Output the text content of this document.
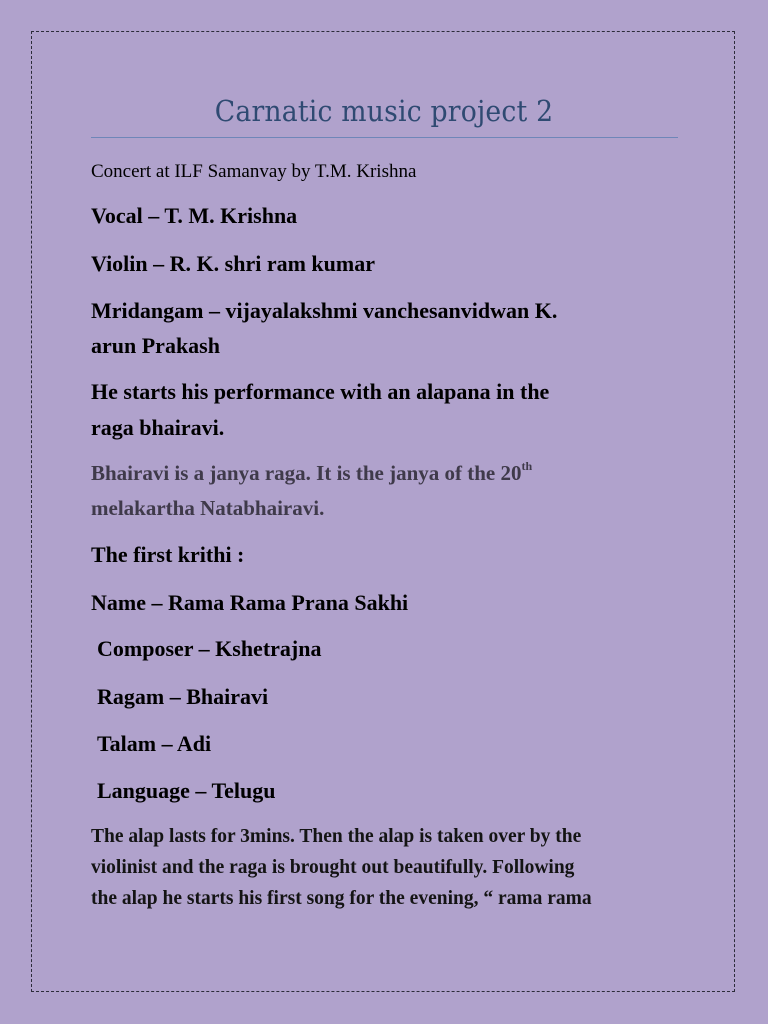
Carnatic music project 2
Concert at ILF Samanvay by T.M. Krishna
Vocal – T. M. Krishna
Violin – R. K. shri ram kumar
Mridangam – vijayalakshmi vanchesanvidwan K.
arun Prakash
He starts his performance with an alapana in the
raga bhairavi.
Bhairavi is a janya raga. It is the janya of the 20th
melakartha Natabhairavi.
The first krithi :
Name – Rama Rama Prana Sakhi
Composer – Kshetrajna
Ragam – Bhairavi
Talam – Adi
Language – Telugu
The alap lasts for 3mins. Then the alap is taken over by the
violinist and the raga is brought out beautifully. Following
the alap he starts his first song for the evening, “ rama rama
